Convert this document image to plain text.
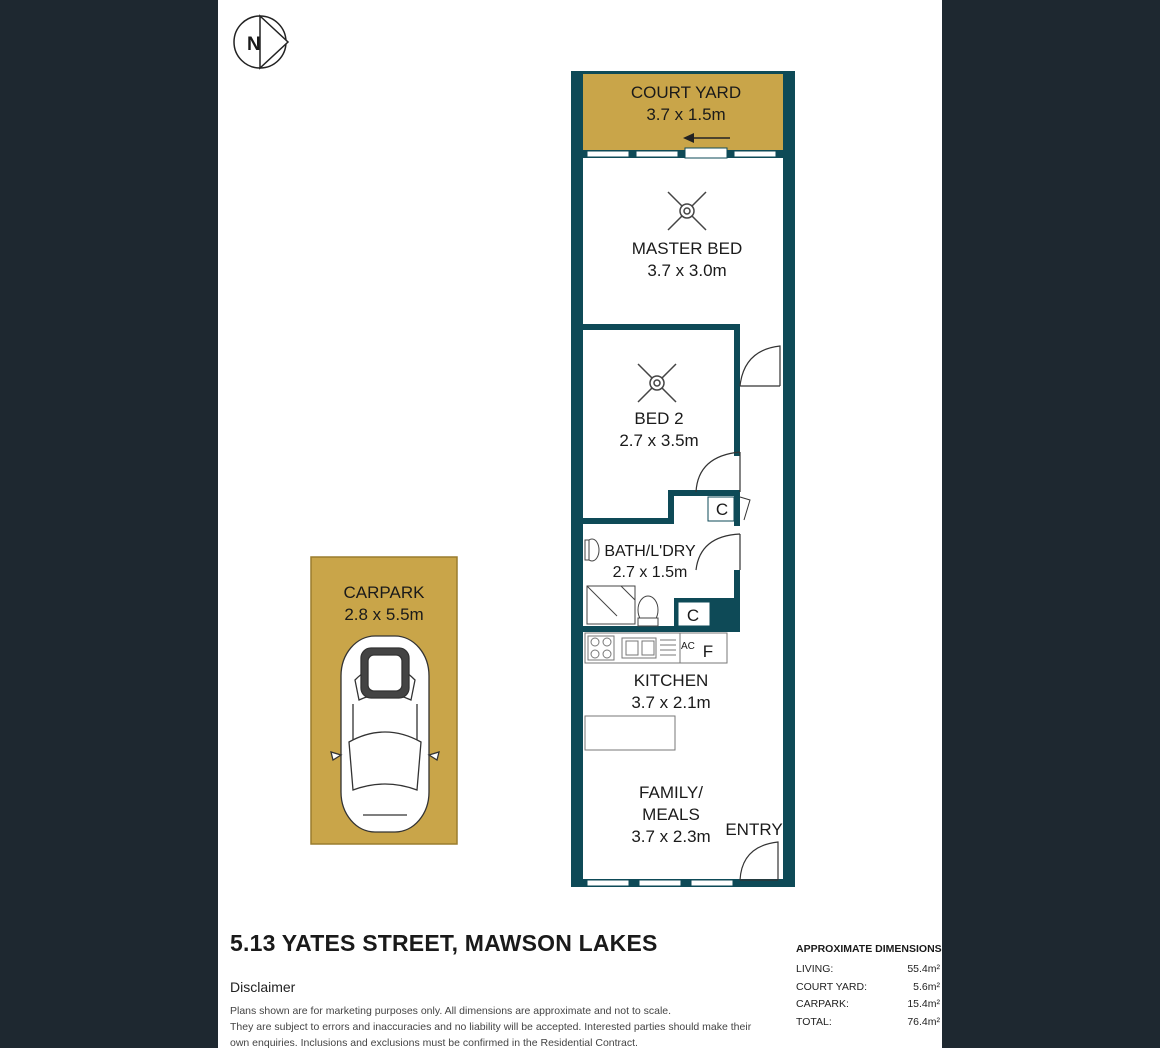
N
CARPARK
2.8 x 5.5m
COURT YARD
3.7 x 1.5m
C
C
AC F
MASTER BED
3.7 x 3.0m
BED 2
2.7 x 3.5m
BATH/L'DRY
2.7 x 1.5m
KITCHEN
3.7 x 2.1m
FAMILY/
MEALS
3.7 x 2.3m ENTRY
5.13 YATES STREET, MAWSON LAKES
Disclaimer
Plans shown are for marketing purposes only. All dimensions are approximate and not to scale.
They are subject to errors and inaccuracies and no liability will be accepted. Interested parties should make their
own enquiries. Inclusions and exclusions must be confirmed in the Residential Contract.
APPROXIMATE DIMENSIONS
LIVING:	55.4m²
COURT YARD:	5.6m²
CARPARK:	15.4m²
TOTAL:	76.4m²
